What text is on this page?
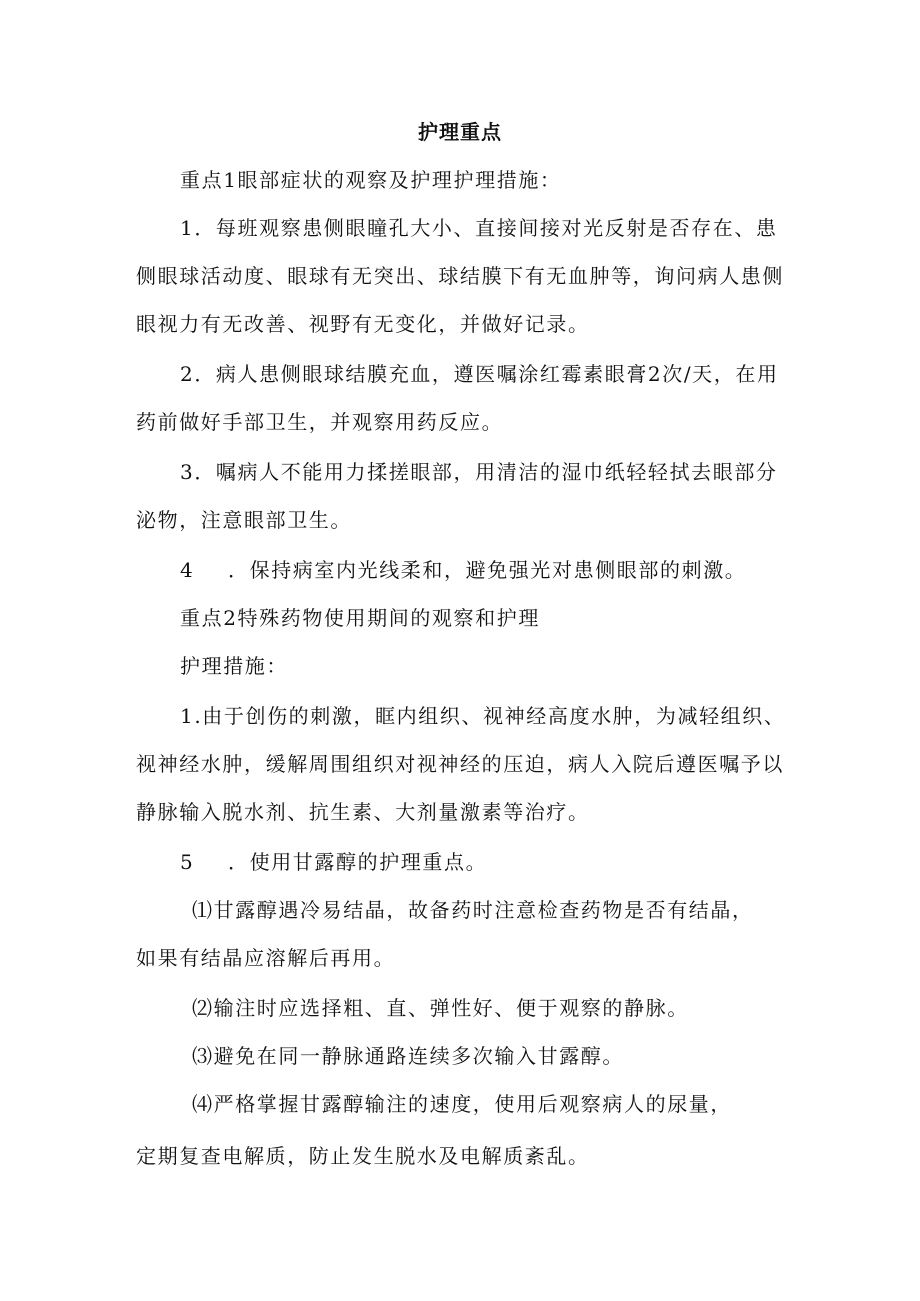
护理重点
重点1眼部症状的观察及护理护理措施：
1．每班观察患侧眼瞳孔大小、直接间接对光反射是否存在、患
侧眼球活动度、眼球有无突出、球结膜下有无血肿等，询问病人患侧
眼视力有无改善、视野有无变化，并做好记录。
2．病人患侧眼球结膜充血，遵医嘱涂红霉素眼膏2次/天，在用
药前做好手部卫生，并观察用药反应。
3．嘱病人不能用力揉搓眼部，用清洁的湿巾纸轻轻拭去眼部分
泌物，注意眼部卫生。
4 ．保持病室内光线柔和，避免强光对患侧眼部的刺激。
重点2特殊药物使用期间的观察和护理
护理措施：
1.由于创伤的刺激，眶内组织、视神经高度水肿，为减轻组织、
视神经水肿，缓解周围组织对视神经的压迫，病人入院后遵医嘱予以
静脉输入脱水剂、抗生素、大剂量激素等治疗。
5 ．使用甘露醇的护理重点。
⑴甘露醇遇冷易结晶，故备药时注意检查药物是否有结晶，
如果有结晶应溶解后再用。
⑵输注时应选择粗、直、弹性好、便于观察的静脉。
⑶避免在同一静脉通路连续多次输入甘露醇。
⑷严格掌握甘露醇输注的速度，使用后观察病人的尿量，
定期复查电解质，防止发生脱水及电解质紊乱。
